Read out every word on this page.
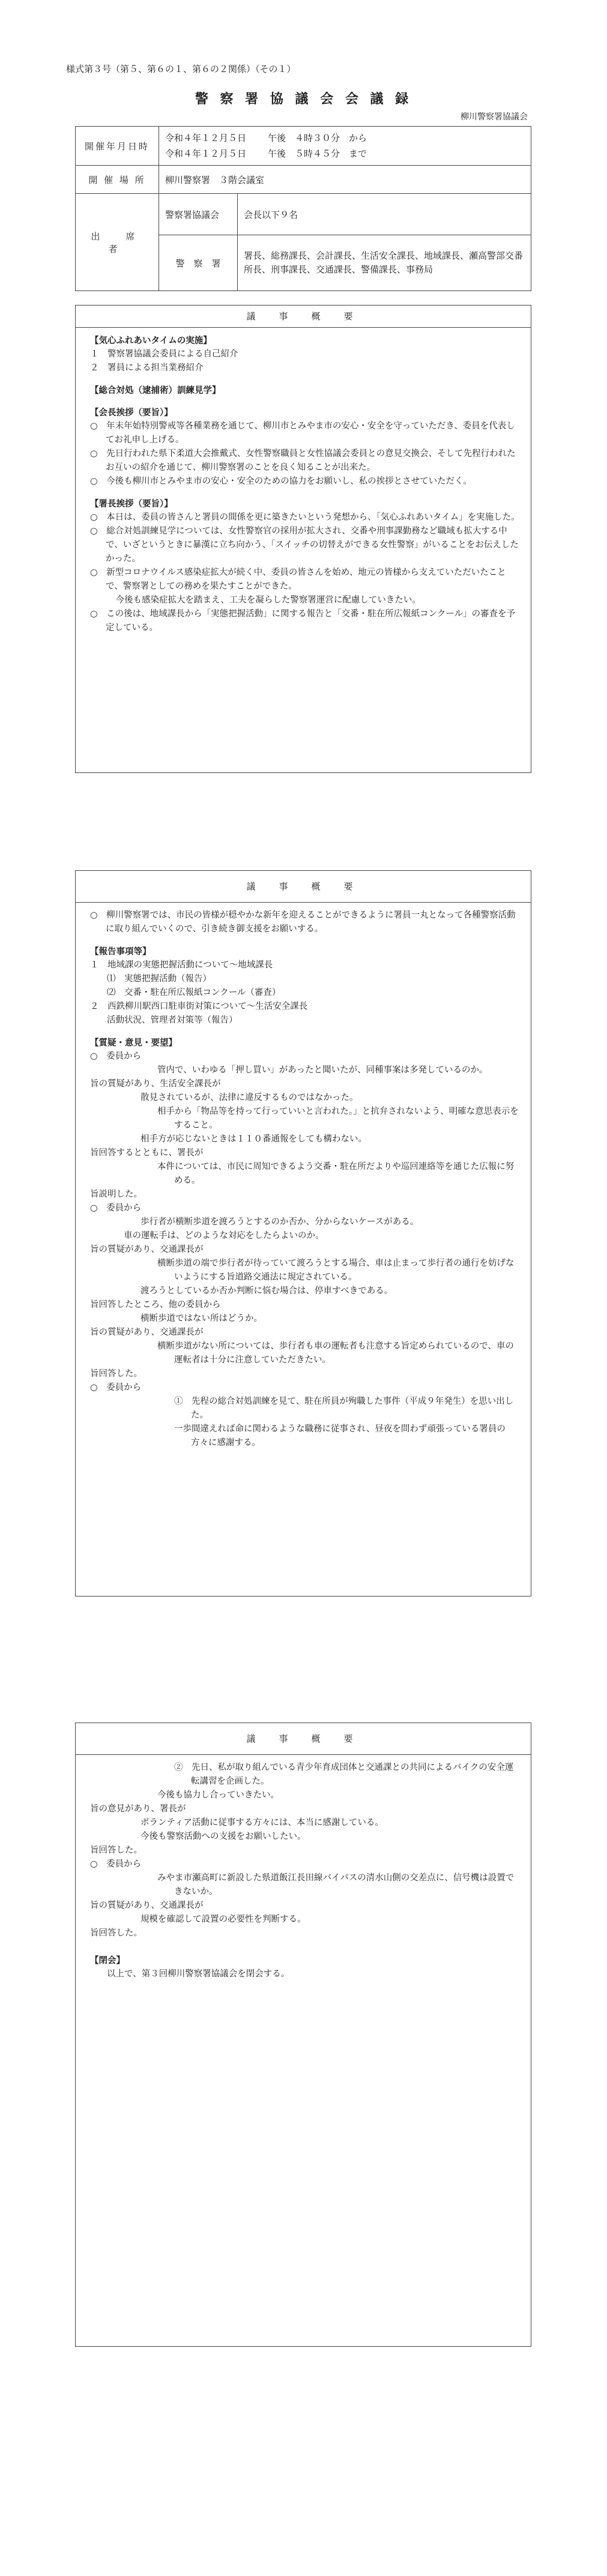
様式第３号（第５、第６の１、第６の２関係）（その１）
警 察 署 協 議 会 会 議 録
柳川警察署協議会
開催年月日時	令和４年１２月５日 午後　４時３０分　から
令和４年１２月５日 午後　５時４５分　まで	

開 催 場 所	柳川警察署　３階会議室	
出　席　者	警察署協議会	会長以下９名
	警　察　署	署長、総務課長、会計課長、生活安全課長、地域課長、瀬高警部交番所長、刑事課長、交通課長、警備課長、事務局
議　事　概　要
【気心ふれあいタイムの実施】
１　警察署協議会委員による自己紹介
２　署員による担当業務紹介
【総合対処（逮捕術）訓練見学】
【会長挨拶（要旨）】
○　年末年始特別警戒等各種業務を通じて、柳川市とみやま市の安心・安全を守っていただき、委員を代表してお礼申し上げる。
○　先日行われた県下柔道大会推戴式、女性警察職員と女性協議会委員との意見交換会、そして先程行われたお互いの紹介を通じて、柳川警察署のことを良く知ることが出来た。
○　今後も柳川市とみやま市の安心・安全のための協力をお願いし、私の挨拶とさせていただく。
【署長挨拶（要旨）】
○　本日は、委員の皆さんと署員の間係を更に築きたいという発想から、「気心ふれあいタイム」を実施した。
○　総合対処訓練見学については、女性警察官の採用が拡大され、交番や刑事課勤務など職域も拡大する中で、いざというときに暴漢に立ち向かう、「スイッチの切替えができる女性警察」がいることをお伝えしたかった。
○　新型コロナウイルス感染症拡大が続く中、委員の皆さんを始め、地元の皆様から支えていただいたことで、警察署としての務めを果たすことができた。
　今後も感染症拡大を踏まえ、工夫を凝らした警察署運営に配慮していきたい。
○　この後は、地域課長から「実態把握活動」に関する報告と「交番・駐在所広報紙コンクール」の審査を予定している。
議　事　概　要
○　柳川警察署では、市民の皆様が穏やかな新年を迎えることができるように署員一丸となって各種警察活動に取り組んでいくので、引き続き御支援をお願いする。
【報告事項等】
１　地域課の実態把握活動について～地域課長
⑴　実態把握活動（報告）
⑵　交番・駐在所広報紙コンクール（審査）
２　西鉄柳川駅西口駐車街対策について～生活安全課長
活動状況、管理者対策等（報告）
【質疑・意見・要望】
○　委員から
管内で、いわゆる「押し買い」があったと聞いたが、同種事案は多発しているのか。
旨の質疑があり、生活安全課長が
散見されているが、法律に違反するものではなかった。
相手から「物品等を持って行っていいと言われた。」と抗弁されないよう、明確な意思表示をすること。
相手方が応じないときは１１０番通報をしても構わない。
旨回答するとともに、署長が
本件については、市民に周知できるよう交番・駐在所だよりや巡回連絡等を通じた広報に努める。
旨説明した。
○　委員から
歩行者が横断歩道を渡ろうとするのか否か、分からないケースがある。
車の運転手は、どのような対応をしたらよいのか。
旨の質疑があり、交通課長が
横断歩道の端で歩行者が待っていて渡ろうとする場合、車は止まって歩行者の通行を妨げないようにする旨道路交通法に規定されている。
渡ろうとしているか否か判断に悩む場合は、停車すべきである。
旨回答したところ、他の委員から
横断歩道ではない所はどうか。
旨の質疑があり、交通課長が
横断歩道がない所については、歩行者も車の運転者も注意する旨定められているので、車の運転者は十分に注意していただきたい。
旨回答した。
○　委員から
①　先程の総合対処訓練を見て、駐在所員が殉職した事件（平成９年発生）を思い出した。
一歩間違えれば命に関わるような職務に従事され、昼夜を問わず頑張っている署員の方々に感謝する。
議　事　概　要
②　先日、私が取り組んでいる青少年育成団体と交通課との共同によるバイクの安全運転講習を企画した。
今後も協力し合っていきたい。
旨の意見があり、署長が
ボランティア活動に従事する方々には、本当に感謝している。
今後も警察活動への支援をお願いしたい。
旨回答した。
○　委員から
みやま市瀬高町に新設した県道飯江長田線バイパスの清水山側の交差点に、信号機は設置できないか。
旨の質疑があり、交通課長が
規模を確認して設置の必要性を判断する。
旨回答した。
【閉会】
以上で、第３回柳川警察署協議会を閉会する。
